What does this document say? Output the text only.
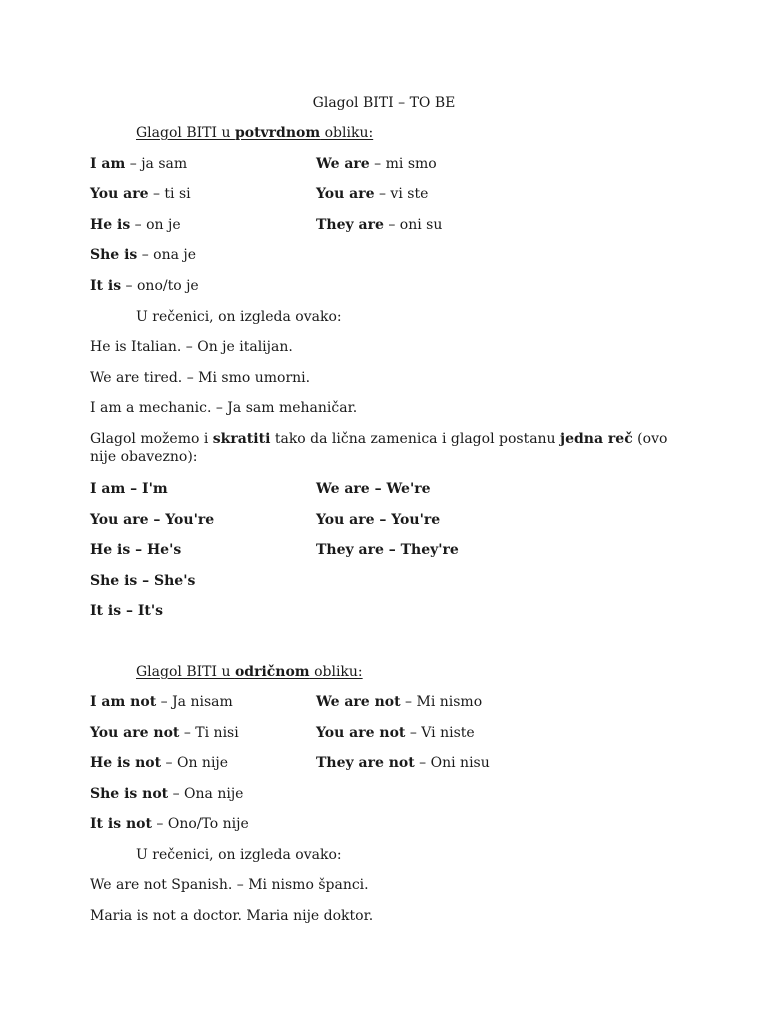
Glagol BITI – TO BE
Glagol BITI u potvrdnom obliku:
I am – ja sam
You are – ti si
He is – on je
She is – ona je
It is – ono/to je
We are – mi smo
You are – vi ste
They are – oni su
U rečenici, on izgleda ovako:
He is Italian. – On je italijan.
We are tired. – Mi smo umorni.
I am a mechanic. – Ja sam mehaničar.
Glagol možemo i skratiti tako da lična zamenica i glagol postanu jedna reč (ovo nije obavezno):
I am – I'm
You are – You're
He is – He's
She is – She's
It is – It's
We are – We're
You are – You're
They are – They're
Glagol BITI u odričnom obliku:
I am not – Ja nisam
You are not – Ti nisi
He is not – On nije
She is not – Ona nije
It is not – Ono/To nije
We are not – Mi nismo
You are not – Vi niste
They are not – Oni nisu
U rečenici, on izgleda ovako:
We are not Spanish. – Mi nismo španci.
Maria is not a doctor. Maria nije doktor.
